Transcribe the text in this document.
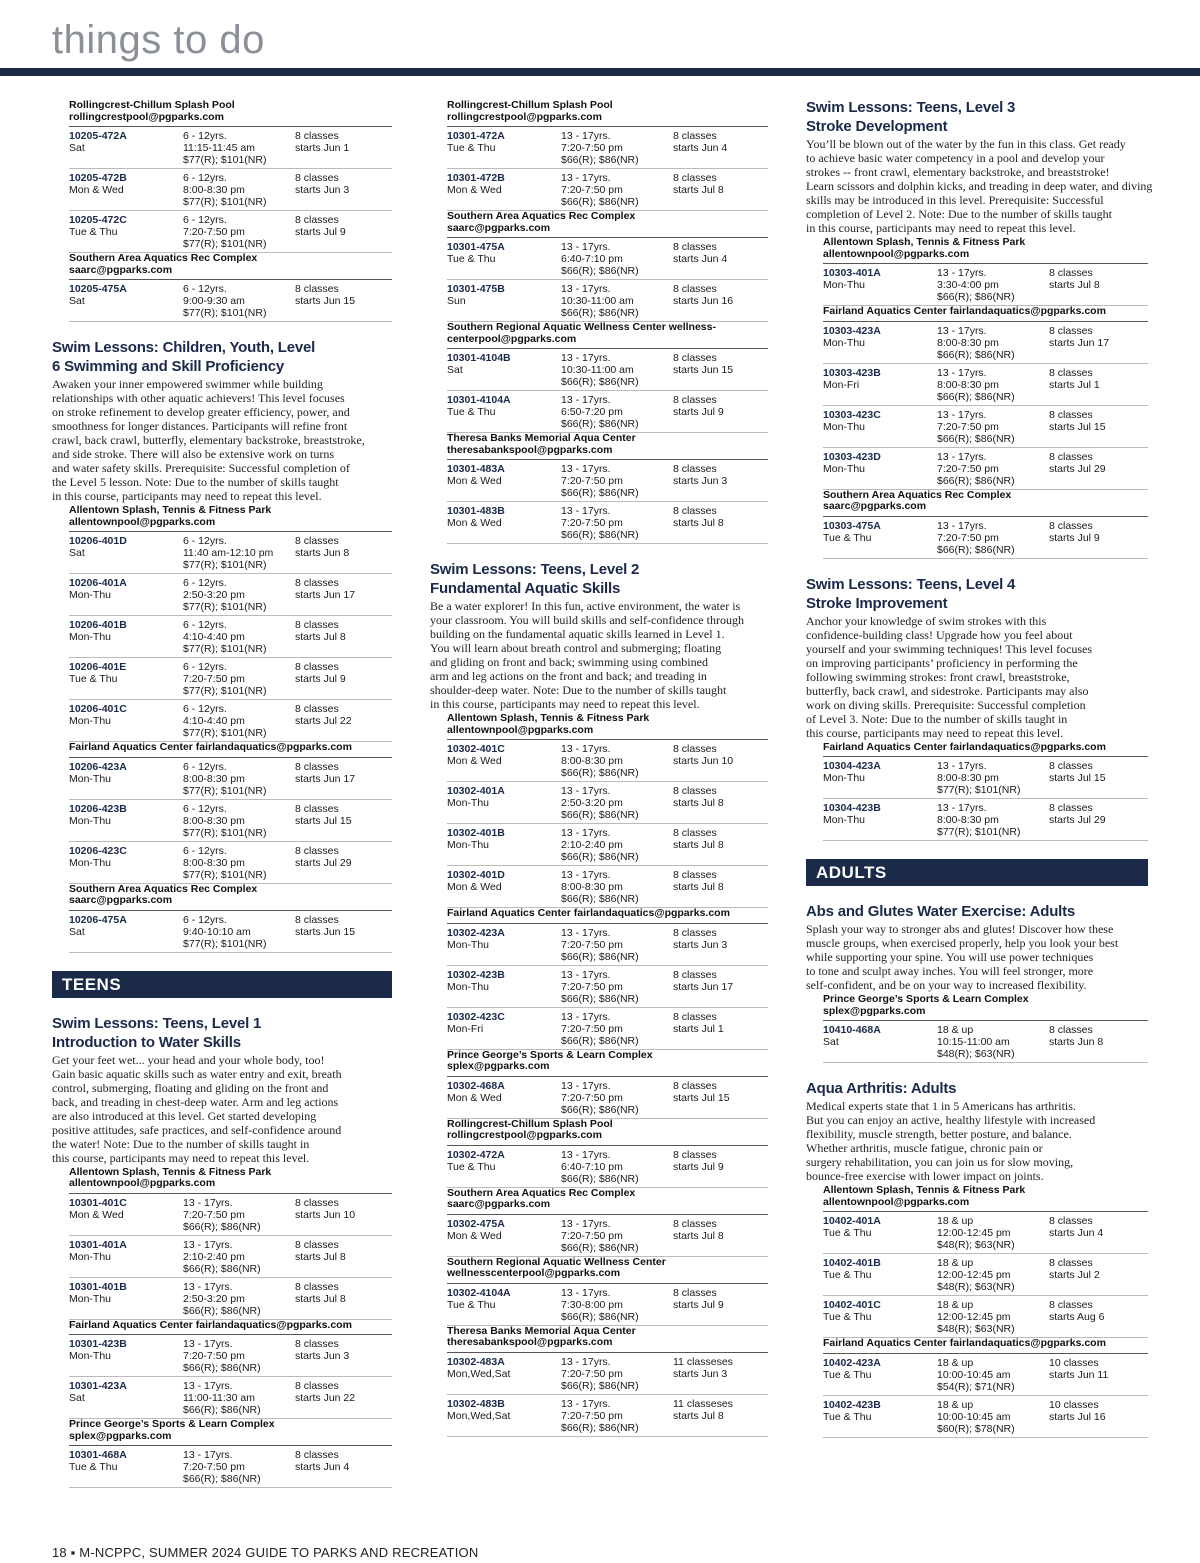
things to do
Rollingcrest-Chillum Splash Pool
rollingcrestpool@pgparks.com
10205-472A	6 - 12yrs.	8 classes
Sat	11:15-11:45 am	starts Jun 1
$77(R); $101(NR)
10205-472B	6 - 12yrs.	8 classes
Mon & Wed	8:00-8:30 pm	starts Jun 3
$77(R); $101(NR)
10205-472C	6 - 12yrs.	8 classes
Tue & Thu	7:20-7:50 pm	starts Jul 9
$77(R); $101(NR)
Southern Area Aquatics Rec Complex
saarc@pgparks.com
10205-475A	6 - 12yrs.	8 classes
Sat	9:00-9:30 am	starts Jun 15
$77(R); $101(NR)
Swim Lessons: Children, Youth, Level
6 Swimming and Skill Proficiency
Awaken your inner empowered swimmer while building
relationships with other aquatic achievers! This level focuses
on stroke refinement to develop greater efficiency, power, and
smoothness for longer distances. Participants will refine front
crawl, back crawl, butterfly, elementary backstroke, breaststroke,
and side stroke. There will also be extensive work on turns
and water safety skills. Prerequisite: Successful completion of
the Level 5 lesson. Note: Due to the number of skills taught
in this course, participants may need to repeat this level.
Allentown Splash, Tennis & Fitness Park
allentownpool@pgparks.com
10206-401D	6 - 12yrs.	8 classes
Sat	11:40 am-12:10 pm	starts Jun 8
$77(R); $101(NR)
10206-401A	6 - 12yrs.	8 classes
Mon-Thu	2:50-3:20 pm	starts Jun 17
$77(R); $101(NR)
10206-401B	6 - 12yrs.	8 classes
Mon-Thu	4:10-4:40 pm	starts Jul 8
$77(R); $101(NR)
10206-401E	6 - 12yrs.	8 classes
Tue & Thu	7:20-7:50 pm	starts Jul 9
$77(R); $101(NR)
10206-401C	6 - 12yrs.	8 classes
Mon-Thu	4:10-4:40 pm	starts Jul 22
$77(R); $101(NR)
Fairland Aquatics Center fairlandaquatics@pgparks.com
10206-423A	6 - 12yrs.	8 classes
Mon-Thu	8:00-8:30 pm	starts Jun 17
$77(R); $101(NR)
10206-423B	6 - 12yrs.	8 classes
Mon-Thu	8:00-8:30 pm	starts Jul 15
$77(R); $101(NR)
10206-423C	6 - 12yrs.	8 classes
Mon-Thu	8:00-8:30 pm	starts Jul 29
$77(R); $101(NR)
Southern Area Aquatics Rec Complex
saarc@pgparks.com
10206-475A	6 - 12yrs.	8 classes
Sat	9:40-10:10 am	starts Jun 15
$77(R); $101(NR)
TEENS
Swim Lessons: Teens, Level 1
Introduction to Water Skills
Get your feet wet... your head and your whole body, too!
Gain basic aquatic skills such as water entry and exit, breath
control, submerging, floating and gliding on the front and
back, and treading in chest-deep water. Arm and leg actions
are also introduced at this level. Get started developing
positive attitudes, safe practices, and self-confidence around
the water! Note: Due to the number of skills taught in
this course, participants may need to repeat this level.
Allentown Splash, Tennis & Fitness Park
allentownpool@pgparks.com
10301-401C	13 - 17yrs.	8 classes
Mon & Wed	7:20-7:50 pm	starts Jun 10
$66(R); $86(NR)
10301-401A	13 - 17yrs.	8 classes
Mon-Thu	2:10-2:40 pm	starts Jul 8
$66(R); $86(NR)
10301-401B	13 - 17yrs.	8 classes
Mon-Thu	2:50-3:20 pm	starts Jul 8
$66(R); $86(NR)
Fairland Aquatics Center fairlandaquatics@pgparks.com
10301-423B	13 - 17yrs.	8 classes
Mon-Thu	7:20-7:50 pm	starts Jun 3
$66(R); $86(NR)
10301-423A	13 - 17yrs.	8 classes
Sat	11:00-11:30 am	starts Jun 22
$66(R); $86(NR)
Prince George’s Sports & Learn Complex
splex@pgparks.com
10301-468A	13 - 17yrs.	8 classes
Tue & Thu	7:20-7:50 pm	starts Jun 4
$66(R); $86(NR)
Rollingcrest-Chillum Splash Pool
rollingcrestpool@pgparks.com
10301-472A	13 - 17yrs.	8 classes
Tue & Thu	7:20-7:50 pm	starts Jun 4
$66(R); $86(NR)
10301-472B	13 - 17yrs.	8 classes
Mon & Wed	7:20-7:50 pm	starts Jul 8
$66(R); $86(NR)
Southern Area Aquatics Rec Complex
saarc@pgparks.com
10301-475A	13 - 17yrs.	8 classes
Tue & Thu	6:40-7:10 pm	starts Jun 4
$66(R); $86(NR)
10301-475B	13 - 17yrs.	8 classes
Sun	10:30-11:00 am	starts Jun 16
$66(R); $86(NR)
Southern Regional Aquatic Wellness Center wellness-
centerpool@pgparks.com
10301-4104B	13 - 17yrs.	8 classes
Sat	10:30-11:00 am	starts Jun 15
$66(R); $86(NR)
10301-4104A	13 - 17yrs.	8 classes
Tue & Thu	6:50-7:20 pm	starts Jul 9
$66(R); $86(NR)
Theresa Banks Memorial Aqua Center
theresabankspool@pgparks.com
10301-483A	13 - 17yrs.	8 classes
Mon & Wed	7:20-7:50 pm	starts Jun 3
$66(R); $86(NR)
10301-483B	13 - 17yrs.	8 classes
Mon & Wed	7:20-7:50 pm	starts Jul 8
$66(R); $86(NR)
Swim Lessons: Teens, Level 2
Fundamental Aquatic Skills
Be a water explorer! In this fun, active environment, the water is
your classroom. You will build skills and self-confidence through
building on the fundamental aquatic skills learned in Level 1.
You will learn about breath control and submerging; floating
and gliding on front and back; swimming using combined
arm and leg actions on the front and back; and treading in
shoulder-deep water. Note: Due to the number of skills taught
in this course, participants may need to repeat this level.
Allentown Splash, Tennis & Fitness Park
allentownpool@pgparks.com
10302-401C	13 - 17yrs.	8 classes
Mon & Wed	8:00-8:30 pm	starts Jun 10
$66(R); $86(NR)
10302-401A	13 - 17yrs.	8 classes
Mon-Thu	2:50-3:20 pm	starts Jul 8
$66(R); $86(NR)
10302-401B	13 - 17yrs.	8 classes
Mon-Thu	2:10-2:40 pm	starts Jul 8
$66(R); $86(NR)
10302-401D	13 - 17yrs.	8 classes
Mon & Wed	8:00-8:30 pm	starts Jul 8
$66(R); $86(NR)
Fairland Aquatics Center fairlandaquatics@pgparks.com
10302-423A	13 - 17yrs.	8 classes
Mon-Thu	7:20-7:50 pm	starts Jun 3
$66(R); $86(NR)
10302-423B	13 - 17yrs.	8 classes
Mon-Thu	7:20-7:50 pm	starts Jun 17
$66(R); $86(NR)
10302-423C	13 - 17yrs.	8 classes
Mon-Fri	7:20-7:50 pm	starts Jul 1
$66(R); $86(NR)
Prince George’s Sports & Learn Complex
splex@pgparks.com
10302-468A	13 - 17yrs.	8 classes
Mon & Wed	7:20-7:50 pm	starts Jul 15
$66(R); $86(NR)
Rollingcrest-Chillum Splash Pool
rollingcrestpool@pgparks.com
10302-472A	13 - 17yrs.	8 classes
Tue & Thu	6:40-7:10 pm	starts Jul 9
$66(R); $86(NR)
Southern Area Aquatics Rec Complex
saarc@pgparks.com
10302-475A	13 - 17yrs.	8 classes
Mon & Wed	7:20-7:50 pm	starts Jul 8
$66(R); $86(NR)
Southern Regional Aquatic Wellness Center
wellnesscenterpool@pgparks.com
10302-4104A	13 - 17yrs.	8 classes
Tue & Thu	7:30-8:00 pm	starts Jul 9
$66(R); $86(NR)
Theresa Banks Memorial Aqua Center
theresabankspool@pgparks.com
10302-483A	13 - 17yrs.	11 classeses
Mon,Wed,Sat	7:20-7:50 pm	starts Jun 3
$66(R); $86(NR)
10302-483B	13 - 17yrs.	11 classeses
Mon,Wed,Sat	7:20-7:50 pm	starts Jul 8
$66(R); $86(NR)
Swim Lessons: Teens, Level 3
Stroke Development
You’ll be blown out of the water by the fun in this class. Get ready
to achieve basic water competency in a pool and develop your
strokes -- front crawl, elementary backstroke, and breaststroke!
Learn scissors and dolphin kicks, and treading in deep water, and diving
skills may be introduced in this level. Prerequisite: Successful
completion of Level 2. Note: Due to the number of skills taught
in this course, participants may need to repeat this level.
Allentown Splash, Tennis & Fitness Park
allentownpool@pgparks.com
10303-401A	13 - 17yrs.	8 classes
Mon-Thu	3:30-4:00 pm	starts Jul 8
$66(R); $86(NR)
Fairland Aquatics Center fairlandaquatics@pgparks.com
10303-423A	13 - 17yrs.	8 classes
Mon-Thu	8:00-8:30 pm	starts Jun 17
$66(R); $86(NR)
10303-423B	13 - 17yrs.	8 classes
Mon-Fri	8:00-8:30 pm	starts Jul 1
$66(R); $86(NR)
10303-423C	13 - 17yrs.	8 classes
Mon-Thu	7:20-7:50 pm	starts Jul 15
$66(R); $86(NR)
10303-423D	13 - 17yrs.	8 classes
Mon-Thu	7:20-7:50 pm	starts Jul 29
$66(R); $86(NR)
Southern Area Aquatics Rec Complex
saarc@pgparks.com
10303-475A	13 - 17yrs.	8 classes
Tue & Thu	7:20-7:50 pm	starts Jul 9
$66(R); $86(NR)
Swim Lessons: Teens, Level 4
Stroke Improvement
Anchor your knowledge of swim strokes with this
confidence-building class! Upgrade how you feel about
yourself and your swimming techniques! This level focuses
on improving participants’ proficiency in performing the
following swimming strokes: front crawl, breaststroke,
butterfly, back crawl, and sidestroke. Participants may also
work on diving skills. Prerequisite: Successful completion
of Level 3. Note: Due to the number of skills taught in
this course, participants may need to repeat this level.
Fairland Aquatics Center fairlandaquatics@pgparks.com
10304-423A	13 - 17yrs.	8 classes
Mon-Thu	8:00-8:30 pm	starts Jul 15
$77(R); $101(NR)
10304-423B	13 - 17yrs.	8 classes
Mon-Thu	8:00-8:30 pm	starts Jul 29
$77(R); $101(NR)
ADULTS
Abs and Glutes Water Exercise: Adults
Splash your way to stronger abs and glutes! Discover how these
muscle groups, when exercised properly, help you look your best
while supporting your spine. You will use power techniques
to tone and sculpt away inches. You will feel stronger, more
self-confident, and be on your way to increased flexibility.
Prince George’s Sports & Learn Complex
splex@pgparks.com
10410-468A	18 & up	8 classes
Sat	10:15-11:00 am	starts Jun 8
$48(R); $63(NR)
Aqua Arthritis: Adults
Medical experts state that 1 in 5 Americans has arthritis.
But you can enjoy an active, healthy lifestyle with increased
flexibility, muscle strength, better posture, and balance.
Whether arthritis, muscle fatigue, chronic pain or
surgery rehabilitation, you can join us for slow moving,
bounce-free exercise with lower impact on joints.
Allentown Splash, Tennis & Fitness Park
allentownpool@pgparks.com
10402-401A	18 & up	8 classes
Tue & Thu	12:00-12:45 pm	starts Jun 4
$48(R); $63(NR)
10402-401B	18 & up	8 classes
Tue & Thu	12:00-12:45 pm	starts Jul 2
$48(R); $63(NR)
10402-401C	18 & up	8 classes
Tue & Thu	12:00-12:45 pm	starts Aug 6
$48(R); $63(NR)
Fairland Aquatics Center fairlandaquatics@pgparks.com
10402-423A	18 & up	10 classes
Tue & Thu	10:00-10:45 am	starts Jun 11
$54(R); $71(NR)
10402-423B	18 & up	10 classes
Tue & Thu	10:00-10:45 am	starts Jul 16
$60(R); $78(NR)
18 ▪ M-NCPPC, SUMMER 2024 GUIDE TO PARKS AND RECREATION
